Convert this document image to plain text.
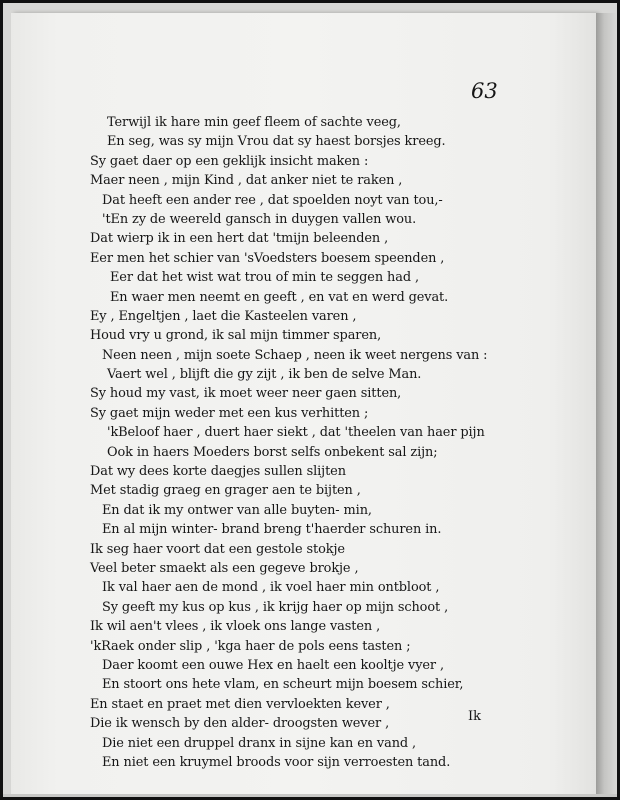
63
Terwijl ik hare min geef fleem of sachte veeg,
En seg, was sy mijn Vrou dat sy haest borsjes kreeg.
Sy gaet daer op een geklijk insicht maken :
Maer neen , mijn Kind , dat anker niet te raken ,
Dat heeft een ander ree , dat spoelden noyt van tou,-
'tEn zy de weereld gansch in duygen vallen wou.
Dat wierp ik in een hert dat 'tmijn beleenden ,
Eer men het schier van 'sVoedsters boesem speenden ,
Eer dat het wist wat trou of min te seggen had ,
En waer men neemt en geeft , en vat en werd gevat.
Ey , Engeltjen , laet die Kasteelen varen ,
Houd vry u grond, ik sal mijn timmer sparen,
Neen neen , mijn soete Schaep , neen ik weet nergens van :
Vaert wel , blijft die gy zijt , ik ben de selve Man.
Sy houd my vast, ik moet weer neer gaen sitten,
Sy gaet mijn weder met een kus verhitten ;
'kBeloof haer , duert haer siekt , dat 'theelen van haer pijn
Ook in haers Moeders borst selfs onbekent sal zijn;
Dat wy dees korte daegjes sullen slijten
Met stadig graeg en grager aen te bijten ,
En dat ik my ontwer van alle buyten- min,
En al mijn winter- brand breng t'haerder schuren in.
Ik seg haer voort dat een gestole stokje
Veel beter smaekt als een gegeve brokje ,
Ik val haer aen de mond , ik voel haer min ontbloot ,
Sy geeft my kus op kus , ik krijg haer op mijn schoot ,
Ik wil aen't vlees , ik vloek ons lange vasten ,
'kRaek onder slip , 'kga haer de pols eens tasten ;
Daer koomt een ouwe Hex en haelt een kooltje vyer ,
En stoort ons hete vlam, en scheurt mijn boesem schier,
En staet en praet met dien vervloekten kever ,
Die ik wensch by den alder- droogsten wever ,
Die niet een druppel dranx in sijne kan en vand ,
En niet een kruymel broods voor sijn verroesten tand.
Ik
